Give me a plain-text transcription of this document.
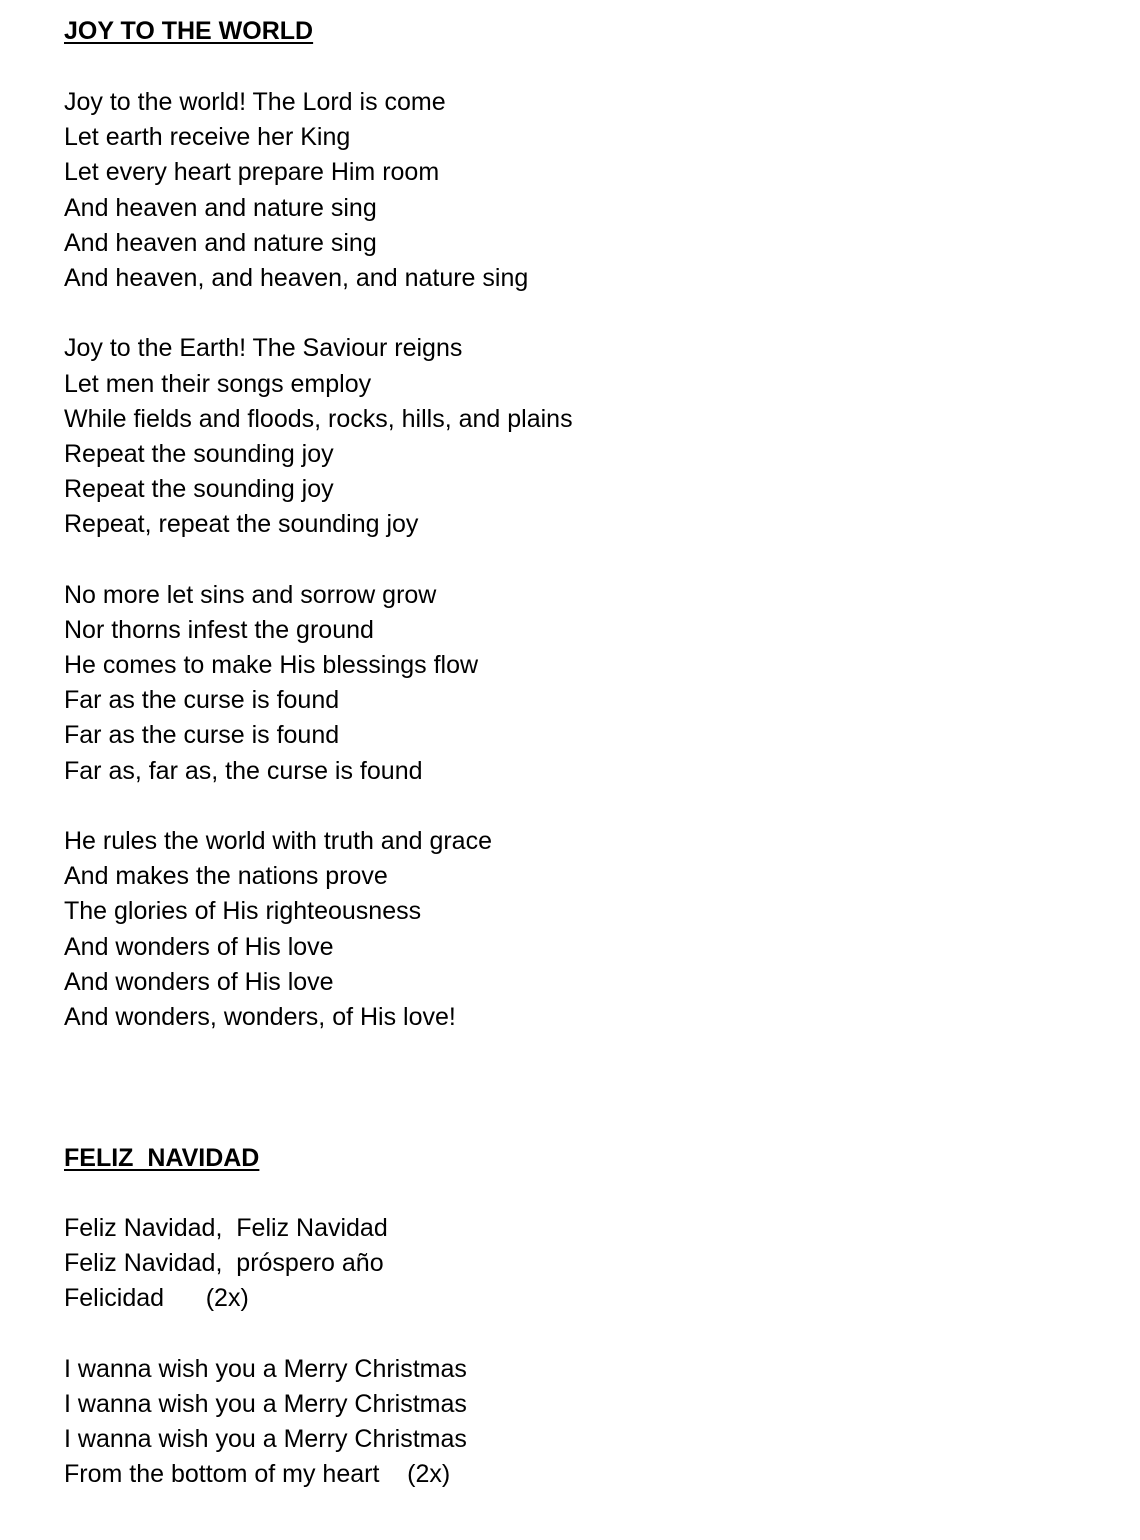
JOY TO THE WORLD
Joy to the world! The Lord is come
Let earth receive her King
Let every heart prepare Him room
And heaven and nature sing
And heaven and nature sing
And heaven, and heaven, and nature sing
Joy to the Earth! The Saviour reigns
Let men their songs employ
While fields and floods, rocks, hills, and plains
Repeat the sounding joy
Repeat the sounding joy
Repeat, repeat the sounding joy
No more let sins and sorrow grow
Nor thorns infest the ground
He comes to make His blessings flow
Far as the curse is found
Far as the curse is found
Far as, far as, the curse is found
He rules the world with truth and grace
And makes the nations prove
The glories of His righteousness
And wonders of His love
And wonders of His love
And wonders, wonders, of His love!
FELIZ  NAVIDAD
Feliz Navidad,  Feliz Navidad
Feliz Navidad,  próspero año
Felicidad      (2x)
I wanna wish you a Merry Christmas
I wanna wish you a Merry Christmas
I wanna wish you a Merry Christmas
From the bottom of my heart    (2x)
